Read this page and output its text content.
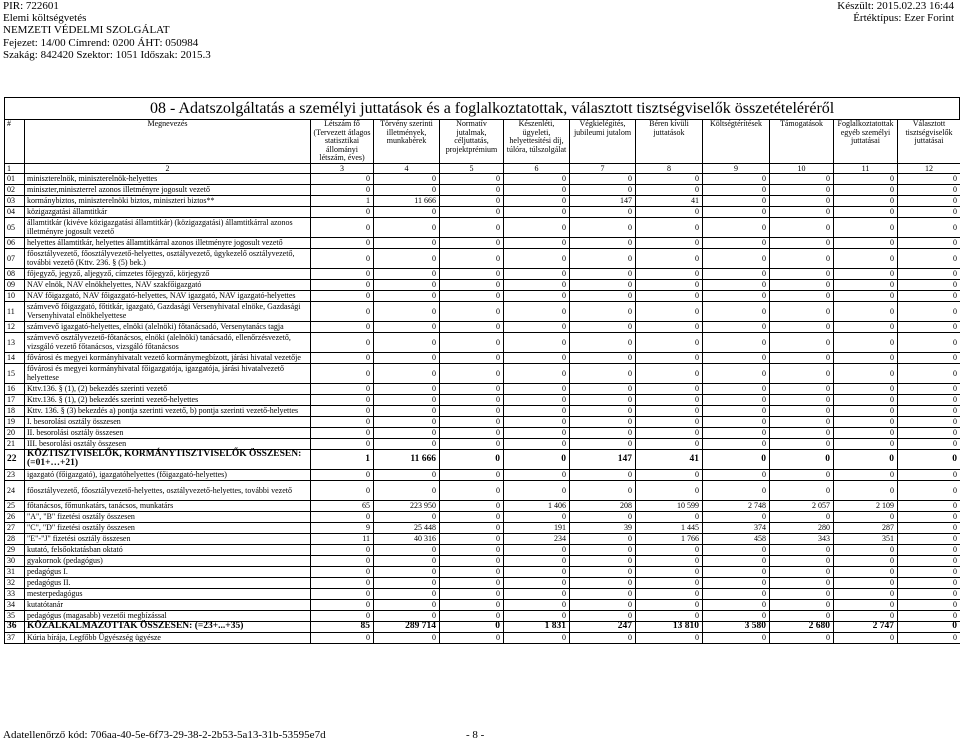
PIR: 722601
Elemi költségvetés
NEMZETI VÉDELMI SZOLGÁLAT
Fejezet: 14/00 Címrend: 0200 ÁHT: 050984
Szakág: 842420 Szektor: 1051 Időszak: 2015.3
Készült: 2015.02.23 16:44
Értéktípus: Ezer Forint
08 - Adatszolgáltatás a személyi juttatások és a foglalkoztatottak, választott tisztségviselők összetételéréről
#	Megnevezés	Létszám fő (Tervezett átlagos statisztikai állományi létszám, éves)	Törvény szerinti illetmények, munkabérek	Normatív jutalmak, céljuttatás, projektprémium	Készenléti, ügyeleti, helyettesítési díj, túlóra, túlszolgálat	Végkielégítés, jubileumi jutalom	Béren kívüli juttatások	Költségtérítések	Támogatások	Foglalkoztatottak egyéb személyi juttatásai	Választott tisztségviselők juttatásai
1	2	3	4	5	6	7	8	9	10	11	12
01	miniszterelnök, miniszterelnök-helyettes	0	0	0	0	0	0	0	0	0	0
02	miniszter,miniszterrel azonos illetményre jogosult vezető	0	0	0	0	0	0	0	0	0	0
03	kormánybiztos, miniszterelnöki biztos, miniszteri biztos**	1	11 666	0	0	147	41	0	0	0	0
04	közigazgatási államtitkár	0	0	0	0	0	0	0	0	0	0
05	államtitkár (kivéve közigazgatási államtitkár) (közigazgatási) államtitkárral azonos illetményre jogosult vezető	0	0	0	0	0	0	0	0	0	0
06	helyettes államtitkár, helyettes államtitkárral azonos illetményre jogosult vezető	0	0	0	0	0	0	0	0	0	0
07	főosztályvezető, főosztályvezető-helyettes, osztályvezető, ügykezelő osztályvezető, további vezető (Kttv. 236. § (5) bek.)	0	0	0	0	0	0	0	0	0	0
08	főjegyző, jegyző, aljegyző, címzetes főjegyző, körjegyző	0	0	0	0	0	0	0	0	0	0
09	NAV elnök, NAV elnökhelyettes, NAV szakfőigazgató	0	0	0	0	0	0	0	0	0	0
10	NAV főigazgató, NAV főigazgató-helyettes, NAV igazgató, NAV igazgató-helyettes	0	0	0	0	0	0	0	0	0	0
11	számvevő főigazgató, főtitkár, igazgató, Gazdasági Versenyhivatal elnöke, Gazdasági Versenyhivatal elnökhelyettese	0	0	0	0	0	0	0	0	0	0
12	számvevő igazgató-helyettes, elnöki (alelnöki) főtanácsadó, Versenytanács tagja	0	0	0	0	0	0	0	0	0	0
13	számvevő osztályvezető-főtanácsos, elnöki (alelnöki) tanácsadó, ellenőrzésvezető, vizsgáló vezető főtanácsos, vizsgáló főtanácsos	0	0	0	0	0	0	0	0	0	0
14	fővárosi és megyei kormányhivatalt vezető kormánymegbízott, járási hivatal vezetője	0	0	0	0	0	0	0	0	0	0
15	fővárosi és megyei kormányhivatal főigazgatója, igazgatója, járási hivatalvezető helyettese	0	0	0	0	0	0	0	0	0	0
16	Kttv.136. § (1), (2) bekezdés szerinti vezető	0	0	0	0	0	0	0	0	0	0
17	Kttv.136. § (1), (2) bekezdés szerinti vezető-helyettes	0	0	0	0	0	0	0	0	0	0
18	Kttv. 136. § (3) bekezdés a) pontja szerinti vezető, b) pontja szerinti vezető-helyettes	0	0	0	0	0	0	0	0	0	0
19	I. besorolási osztály összesen	0	0	0	0	0	0	0	0	0	0
20	II. besorolási osztály összesen	0	0	0	0	0	0	0	0	0	0
21	III. besorolási osztály összesen	0	0	0	0	0	0	0	0	0	0
22	KÖZTISZTVISELŐK, KORMÁNYTISZTVISELŐK ÖSSZESEN: (=01+…+21)	1	11 666	0	0	147	41	0	0	0	0
23	igazgató (főigazgató), igazgatóhelyettes (főigazgató-helyettes)	0	0	0	0	0	0	0	0	0	0
24	főosztályvezető, főosztályvezető-helyettes, osztályvezető-helyettes, további vezető	0	0	0	0	0	0	0	0	0	0
25	főtanácsos, főmunkatárs, tanácsos, munkatárs	65	223 950	0	1 406	208	10 599	2 748	2 057	2 109	0
26	"A", "B" fizetési osztály összesen	0	0	0	0	0	0	0	0	0	0
27	"C", "D" fizetési osztály összesen	9	25 448	0	191	39	1 445	374	280	287	0
28	"E"-"J" fizetési osztály összesen	11	40 316	0	234	0	1 766	458	343	351	0
29	kutató, felsőoktatásban oktató	0	0	0	0	0	0	0	0	0	0
30	gyakornok (pedagógus)	0	0	0	0	0	0	0	0	0	0
31	pedagógus I.	0	0	0	0	0	0	0	0	0	0
32	pedagógus II.	0	0	0	0	0	0	0	0	0	0
33	mesterpedagógus	0	0	0	0	0	0	0	0	0	0
34	kutatótanár	0	0	0	0	0	0	0	0	0	0
35	pedagógus (magasabb) vezetői megbízással	0	0	0	0	0	0	0	0	0	0
36	KÖZALKALMAZOTTAK ÖSSZESEN: (=23+...+35)	85	289 714	0	1 831	247	13 810	3 580	2 680	2 747	0
37	Kúria bírája, Legfőbb Ügyészség ügyésze	0	0	0	0	0	0	0	0	0	0
Adatellenőrző kód: 706aa-40-5e-6f73-29-38-2-2b53-5a13-31b-53595e7d	- 8 -
